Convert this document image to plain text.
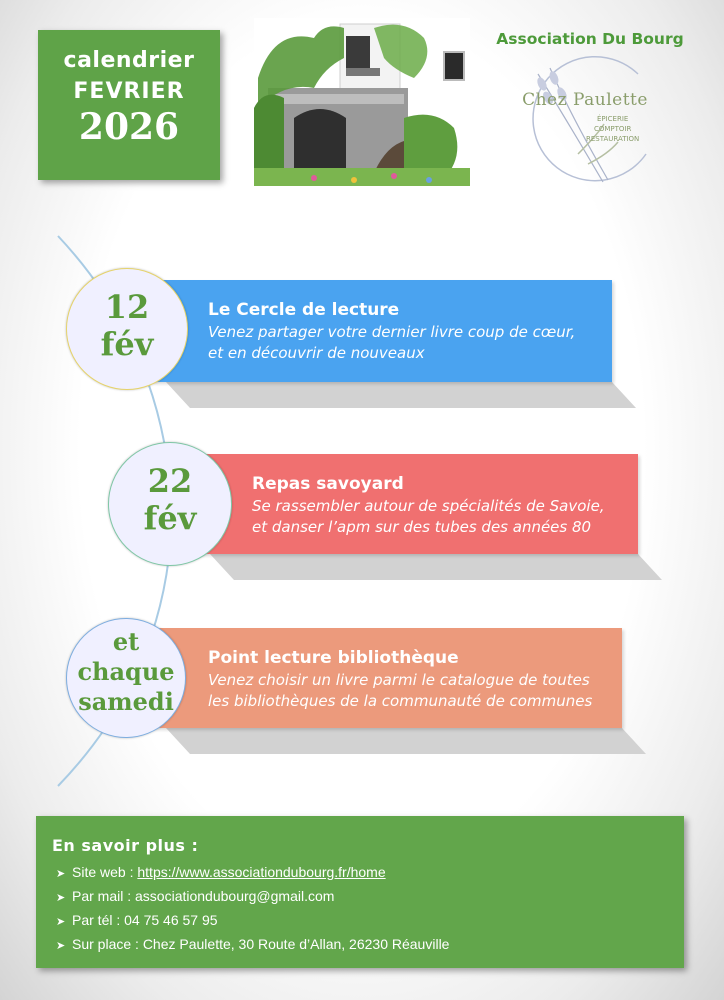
calendrier
FEVRIER
2026
Association Du Bourg
Chez Paulette
ÉPICERIE
COMPTOIR
RESTAURATION
Le Cercle de lecture
Venez partager votre dernier livre coup de cœur,
et en découvrir de nouveaux
12
fév
Repas savoyard
Se rassembler autour de spécialités de Savoie,
et danser l’apm sur des tubes des années 80
22
fév
Point lecture bibliothèque
Venez choisir un livre parmi le catalogue de toutes
les bibliothèques de la communauté de communes
et
chaque
samedi
En savoir plus :
➤ Site web : https://www.associationdubourg.fr/home
➤ Par mail : associationdubourg@gmail.com
➤ Par tél : 04 75 46 57 95
➤ Sur place : Chez Paulette, 30 Route d’Allan, 26230 Réauville
